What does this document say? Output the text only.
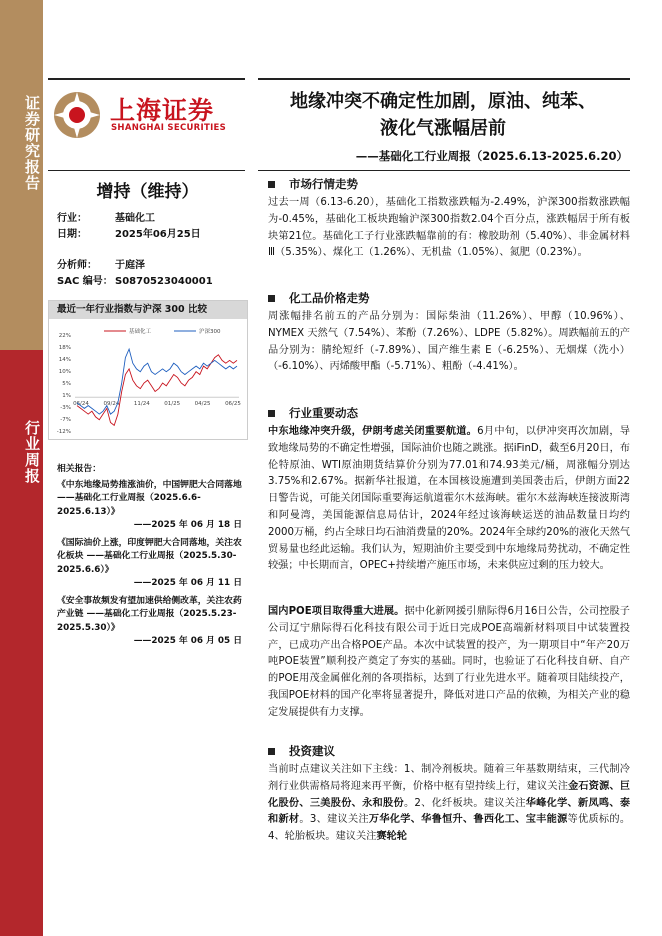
证券研究报告
行业周报
上海证券
SHANGHAI SECURITIES
地缘冲突不确定性加剧，原油、纯苯、
液化气涨幅居前
——基础化工行业周报（2025.6.13-2025.6.20）
增持（维持）
行业：	基础化工
日期：	2025年06月25日
分析师： 于庭泽
SAC 编号： S0870523040001
最近一年行业指数与沪深 300 比较
22%
18%
14%
10%
5%
1%
-3%
-7%
-12%
06/24	09/24	11/24	01/25	04/25	06/25
基础化工	沪深300
相关报告：
《中东地缘局势推涨油价，中国钾肥大合同落地 ——基础化工行业周报（2025.6.6-2025.6.13）》
——2025 年 06 月 18 日
《国际油价上涨，印度钾肥大合同落地，关注农化板块 ——基础化工行业周报（2025.5.30-2025.6.6）》
——2025 年 06 月 11 日
《安全事故频发有望加速供给侧改革，关注农药产业链 ——基础化工行业周报（2025.5.23-2025.5.30）》
——2025 年 06 月 05 日
市场行情走势
过去一周（6.13-6.20），基础化工指数涨跌幅为-2.49%，沪深300指数涨跌幅为-0.45%，基础化工板块跑输沪深300指数2.04个百分点，涨跌幅居于所有板块第21位。基础化工子行业涨跌幅靠前的有：橡胶助剂（5.40%）、非金属材料Ⅲ（5.35%）、煤化工（1.26%）、无机盐（1.05%）、氮肥（0.23%）。
化工品价格走势
周涨幅排名前五的产品分别为：国际柴油（11.26%）、甲醇（10.96%）、NYMEX 天然气（7.54%）、苯酚（7.26%）、LDPE（5.82%）。周跌幅前五的产品分别为：腈纶短纤（-7.89%）、国产维生素 E（-6.25%）、无烟煤（洗小）（-6.10%）、丙烯酸甲酯（-5.71%）、粗酚（-4.41%）。
行业重要动态
中东地缘冲突升级，伊朗考虑关闭重要航道。6月中旬，以伊冲突再次加剧，导致地缘局势的不确定性增强，国际油价也随之跳涨。据iFinD，截至6月20日，布伦特原油、WTI原油期货结算价分别为77.01和74.93美元/桶，周涨幅分别达3.75%和2.67%。据新华社报道，在本国核设施遭到美国袭击后，伊朗方面22日警告说，可能关闭国际重要海运航道霍尔木兹海峡。霍尔木兹海峡连接波斯湾和阿曼湾，美国能源信息局估计，2024年经过该海峡运送的油品数量日均约2000万桶，约占全球日均石油消费量的20%。2024年全球约20%的液化天然气贸易量也经此运输。我们认为，短期油价主要受到中东地缘局势扰动，不确定性较强；中长期而言，OPEC+持续增产施压市场，未来供应过剩的压力较大。
国内POE项目取得重大进展。据中化新网援引鼎际得6月16日公告，公司控股子公司辽宁鼎际得石化科技有限公司于近日完成POE高端新材料项目中试装置投产，已成功产出合格POE产品。本次中试装置的投产，为一期项目中“年产20万吨POE装置”顺利投产奠定了夯实的基础。同时，也验证了石化科技自研、自产的POE用茂金属催化剂的各项指标，达到了行业先进水平。随着项目陆续投产，我国POE材料的国产化率将显著提升，降低对进口产品的依赖，为相关产业的稳定发展提供有力支撑。
投资建议
当前时点建议关注如下主线：1、制冷剂板块。随着三年基数期结束，三代制冷剂行业供需格局将迎来再平衡，价格中枢有望持续上行，建议关注金石资源、巨化股份、三美股份、永和股份。2、化纤板块。建议关注华峰化学、新凤鸣、泰和新材。3、建议关注万华化学、华鲁恒升、鲁西化工、宝丰能源等优质标的。4、轮胎板块。建议关注赛轮轮
